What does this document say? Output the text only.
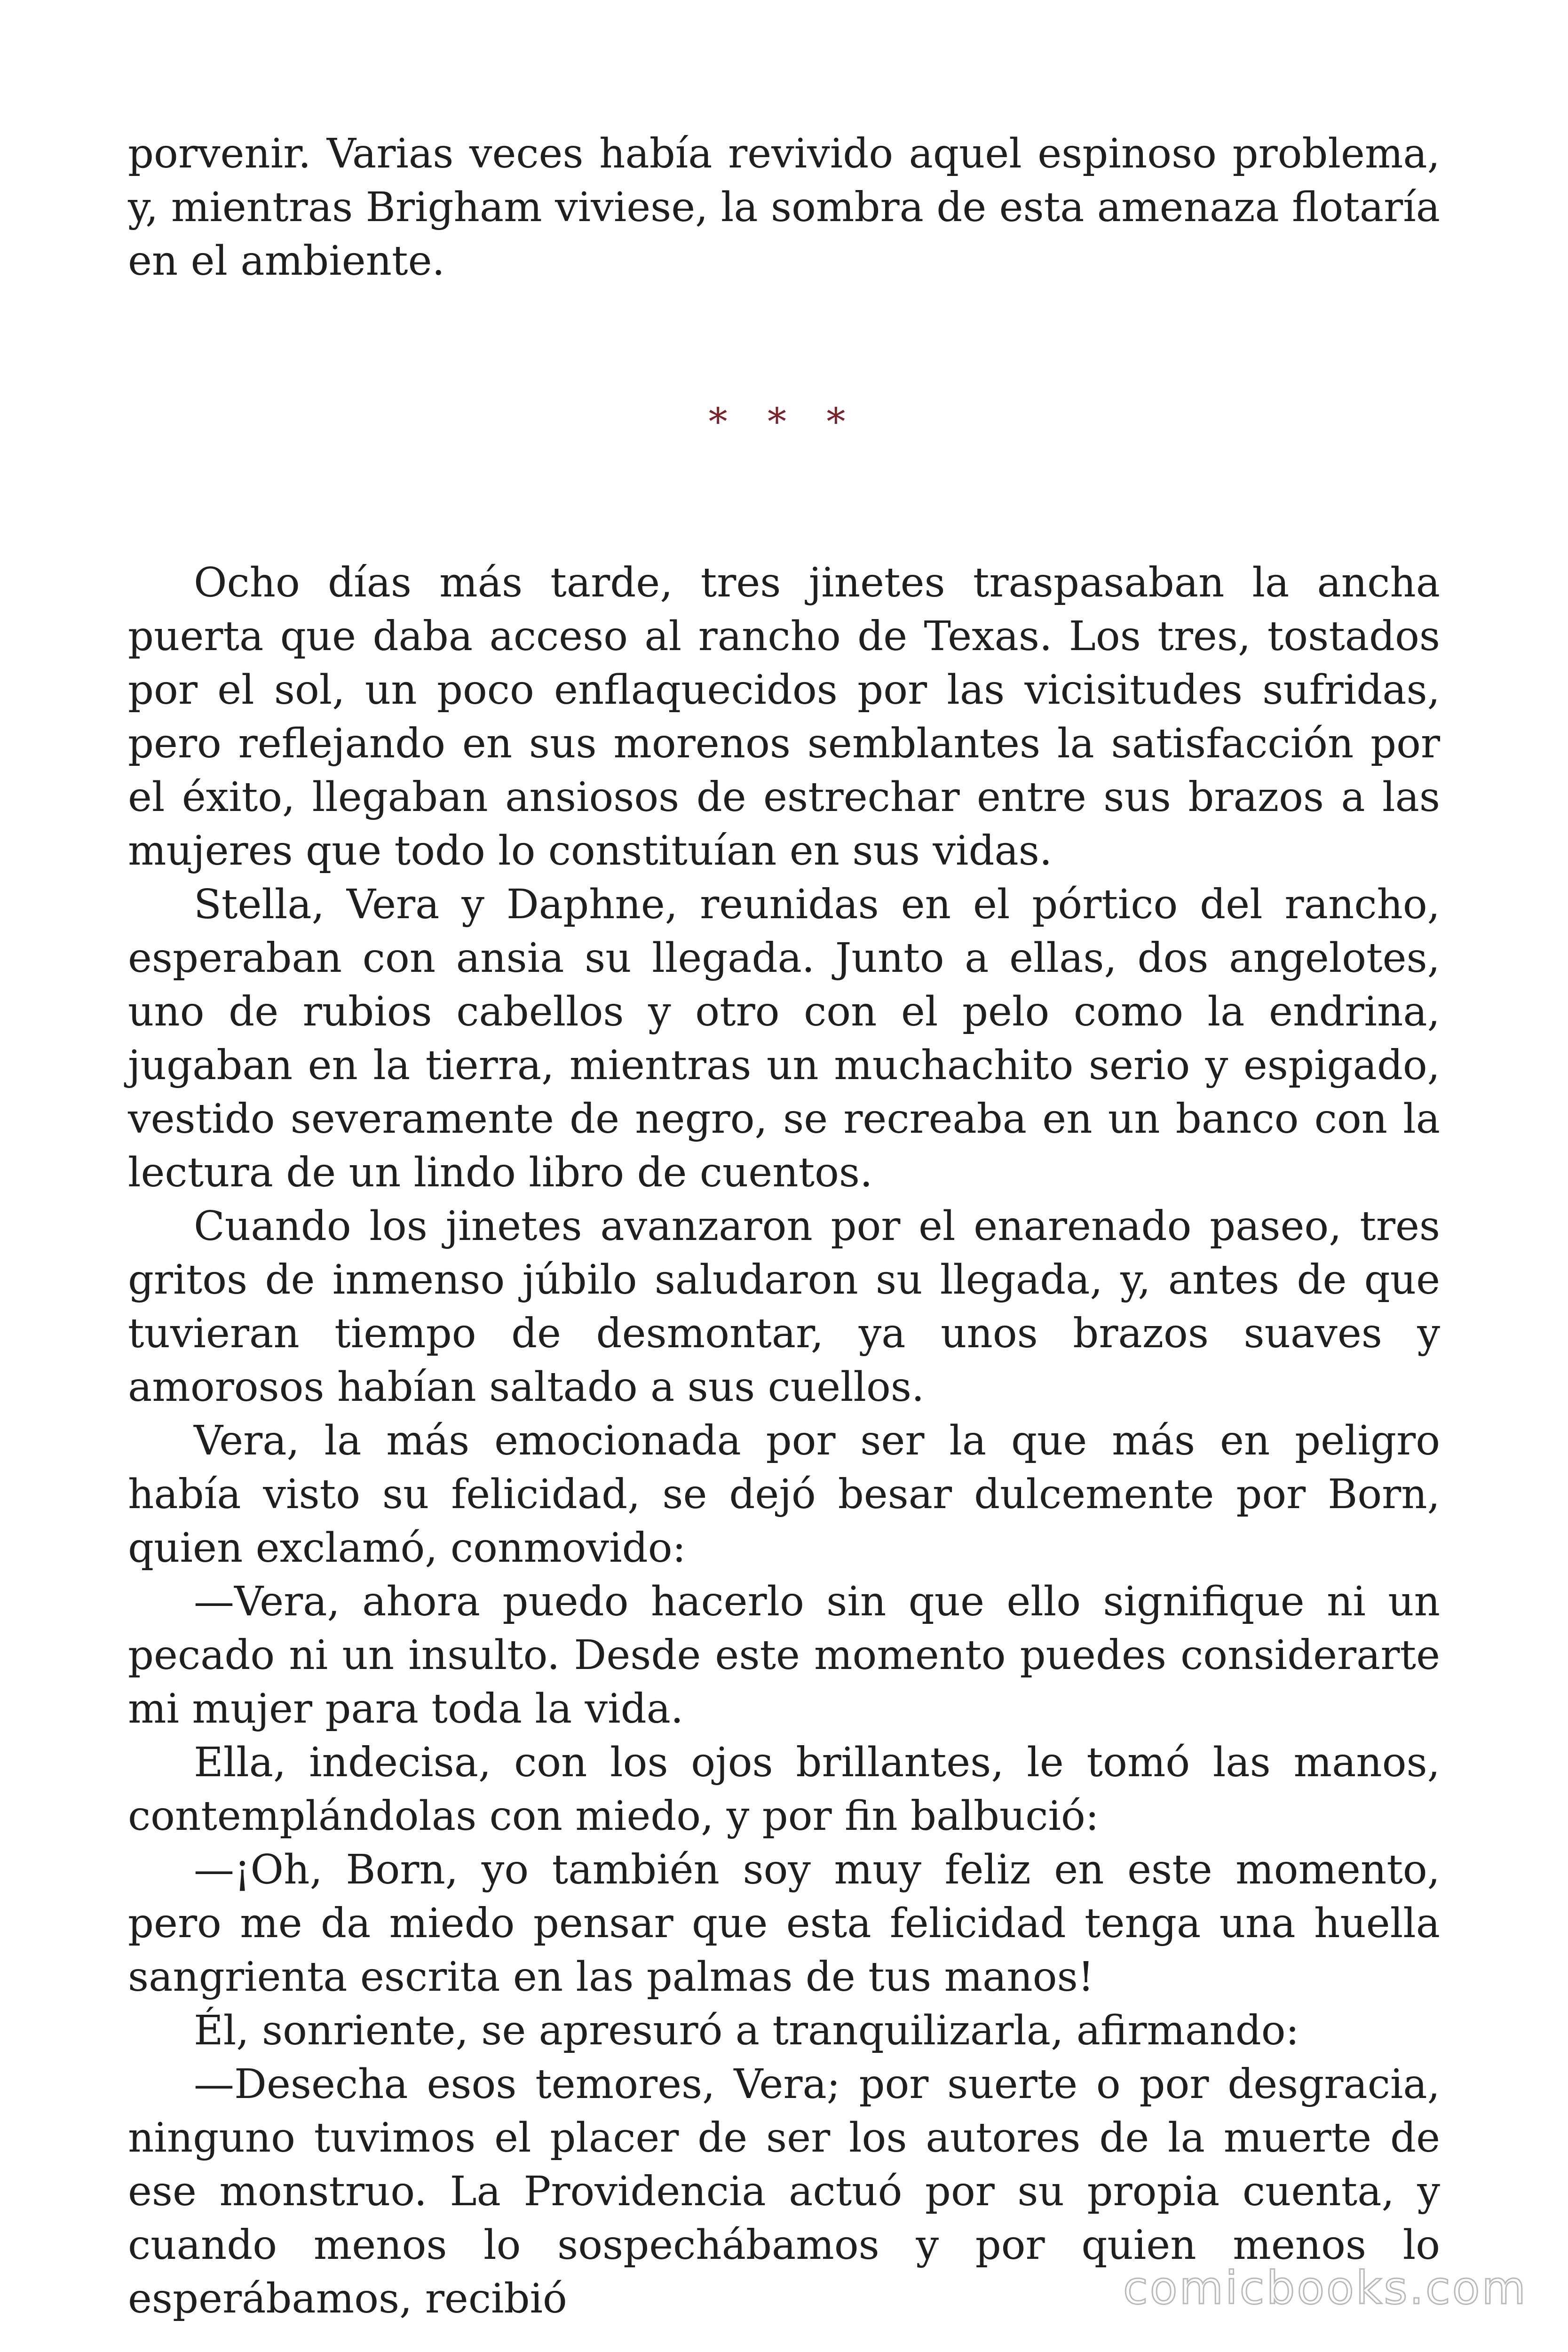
porvenir. Varias veces había revivido aquel espinoso problema, y, mientras Brigham viviese, la sombra de esta amenaza flotaría en el ambiente.

* * *

Ocho días más tarde, tres jinetes traspasaban la ancha puerta que daba acceso al rancho de Texas. Los tres, tostados por el sol, un poco enflaquecidos por las vicisitudes sufridas, pero reflejando en sus morenos semblantes la satisfacción por el éxito, llegaban ansiosos de estrechar entre sus brazos a las mujeres que todo lo constituían en sus vidas.

Stella, Vera y Daphne, reunidas en el pórtico del rancho, esperaban con ansia su llegada. Junto a ellas, dos angelotes, uno de rubios cabellos y otro con el pelo como la endrina, jugaban en la tierra, mientras un muchachito serio y espigado, vestido severamente de negro, se recreaba en un banco con la lectura de un lindo libro de cuentos.

Cuando los jinetes avanzaron por el enarenado paseo, tres gritos de inmenso júbilo saludaron su llegada, y, antes de que tuvieran tiempo de desmontar, ya unos brazos suaves y amorosos habían saltado a sus cuellos.

Vera, la más emocionada por ser la que más en peligro había visto su felicidad, se dejó besar dulcemente por Born, quien exclamó, conmovido:

—Vera, ahora puedo hacerlo sin que ello signifique ni un pecado ni un insulto. Desde este momento puedes considerarte mi mujer para toda la vida.

Ella, indecisa, con los ojos brillantes, le tomó las manos, contemplándolas con miedo, y por fin balbució:

—¡Oh, Born, yo también soy muy feliz en este momento, pero me da miedo pensar que esta felicidad tenga una huella sangrienta escrita en las palmas de tus manos!

Él, sonriente, se apresuró a tranquilizarla, afirmando:

—Desecha esos temores, Vera; por suerte o por desgracia, ninguno tuvimos el placer de ser los autores de la muerte de ese monstruo. La Providencia actuó por su propia cuenta, y cuando menos lo sospechábamos y por quien menos lo esperábamos, recibió	comicbooks.com
